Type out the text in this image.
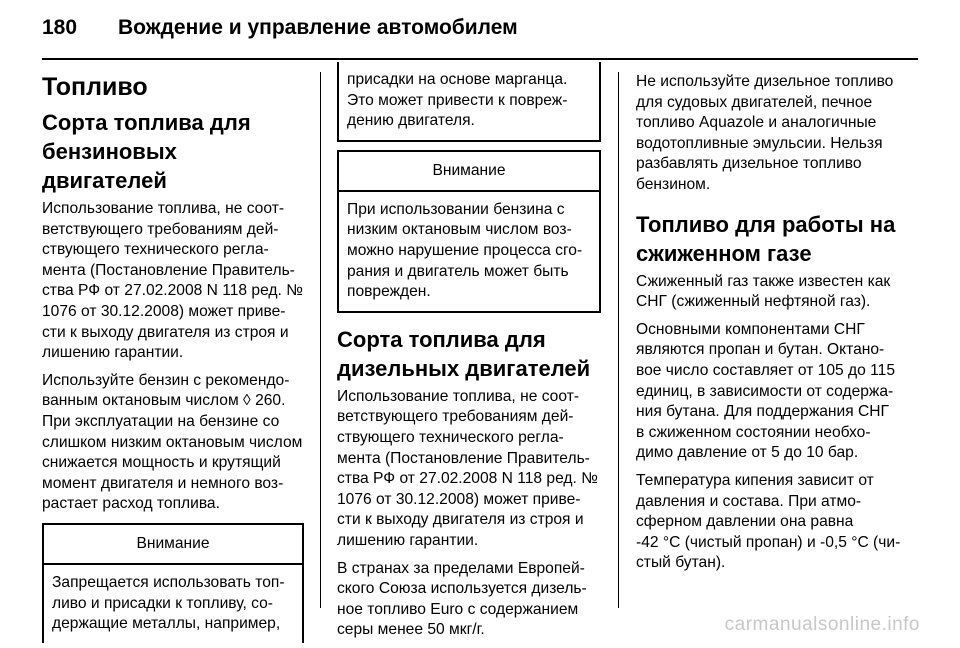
180 Вождение и управление автомобилем
Топливо
Сорта топлива для
бензиновых двигателей
Использование топлива, не соот-
ветствующего требованиям дей-
ствующего технического регла-
мента (Постановление Правитель-
ства РФ от 27.02.2008 N 118 ред. №
1076 от 30.12.2008) может приве-
сти к выходу двигателя из строя и
лишению гарантии.
Используйте бензин с рекомендо-
ванным октановым числом ◊ 260.
При эксплуатации на бензине со
слишком низким октановым числом
снижается мощность и крутящий
момент двигателя и немного воз-
растает расход топлива.
Внимание
Запрещается использовать топ-
ливо и присадки к топливу, со-
держащие металлы, например,
присадки на основе марганца.
Это может привести к повреж-
дению двигателя.
Внимание
При использовании бензина с
низким октановым числом воз-
можно нарушение процесса сго-
рания и двигатель может быть
поврежден.
Сорта топлива для
дизельных двигателей
Использование топлива, не соот-
ветствующего требованиям дей-
ствующего технического регла-
мента (Постановление Правитель-
ства РФ от 27.02.2008 N 118 ред. №
1076 от 30.12.2008) может приве-
сти к выходу двигателя из строя и
лишению гарантии.
В странах за пределами Европей-
ского Союза используется дизель-
ное топливо Euro с содержанием
серы менее 50 мкг/г.
Не используйте дизельное топливо
для судовых двигателей, печное
топливо Aquazole и аналогичные
водотопливные эмульсии. Нельзя
разбавлять дизельное топливо
бензином.
Топливо для работы на
сжиженном газе
Сжиженный газ также известен как
СНГ (сжиженный нефтяной газ).
Основными компонентами СНГ
являются пропан и бутан. Октано-
вое число составляет от 105 до 115
единиц, в зависимости от содержа-
ния бутана. Для поддержания СНГ
в сжиженном состоянии необхо-
димо давление от 5 до 10 бар.
Температура кипения зависит от
давления и состава. При атмо-
сферном давлении она равна
-42 °C (чистый пропан) и -0,5 °C (чи-
стый бутан).
carmanualsonline.info
